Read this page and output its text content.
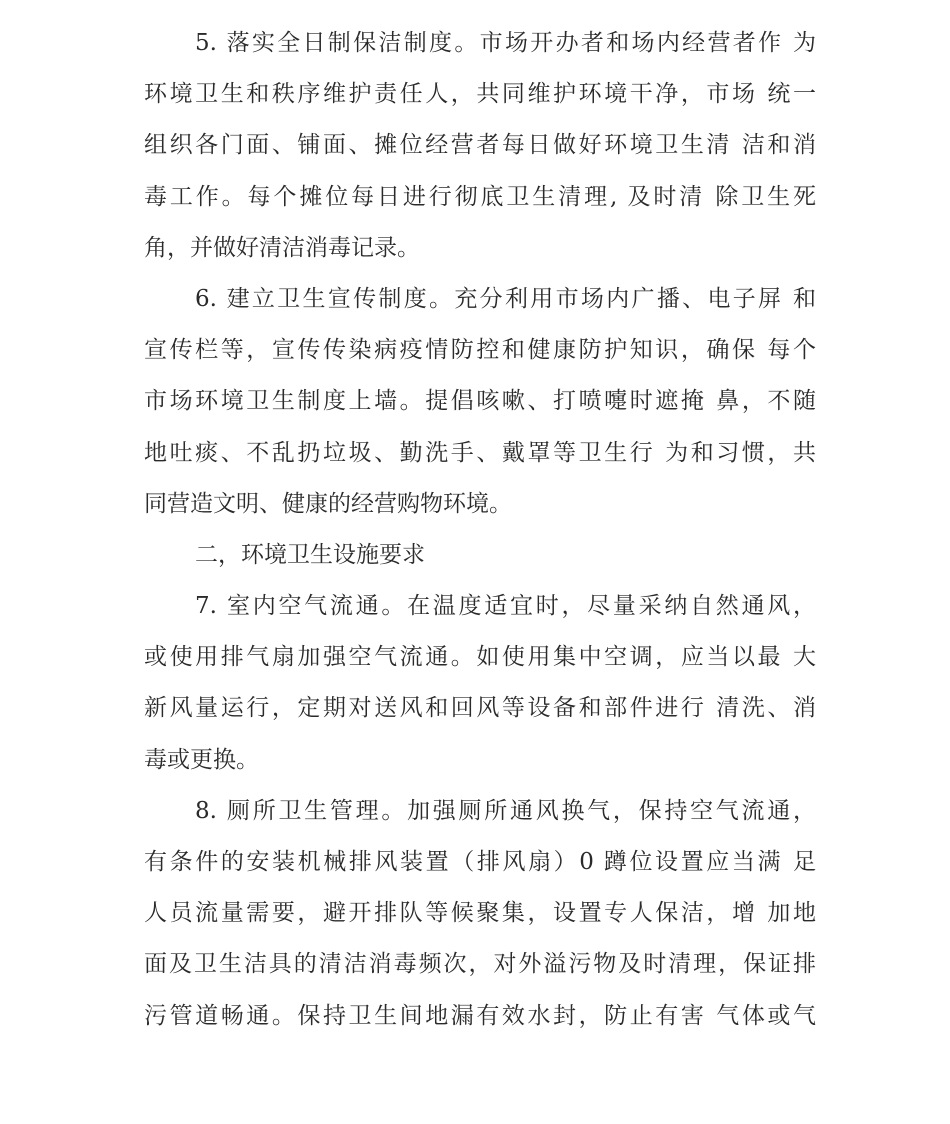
5. 落实全日制保洁制度。市场开办者和场内经营者作 为
环境卫生和秩序维护责任人，共同维护环境干净，市场 统一
组织各门面、铺面、摊位经营者每日做好环境卫生清 洁和消
毒工作。每个摊位每日进行彻底卫生清理, 及时清 除卫生死
角，并做好清洁消毒记录。
6. 建立卫生宣传制度。充分利用市场内广播、电子屏 和
宣传栏等，宣传传染病疫情防控和健康防护知识，确保 每个
市场环境卫生制度上墙。提倡咳嗽、打喷嚏时遮掩 鼻，不随
地吐痰、不乱扔垃圾、勤洗手、戴罩等卫生行 为和习惯，共
同营造文明、健康的经营购物环境。
二，环境卫生设施要求
7. 室内空气流通。在温度适宜时，尽量采纳自然通风，
或使用排气扇加强空气流通。如使用集中空调，应当以最 大
新风量运行，定期对送风和回风等设备和部件进行 清洗、消
毒或更换。
8. 厕所卫生管理。加强厕所通风换气，保持空气流通，
有条件的安装机械排风装置（排风扇）0 蹲位设置应当满 足
人员流量需要，避开排队等候聚集，设置专人保洁，增 加地
面及卫生洁具的清洁消毒频次，对外溢污物及时清理，保证排
污管道畅通。保持卫生间地漏有效水封，防止有害 气体或气
